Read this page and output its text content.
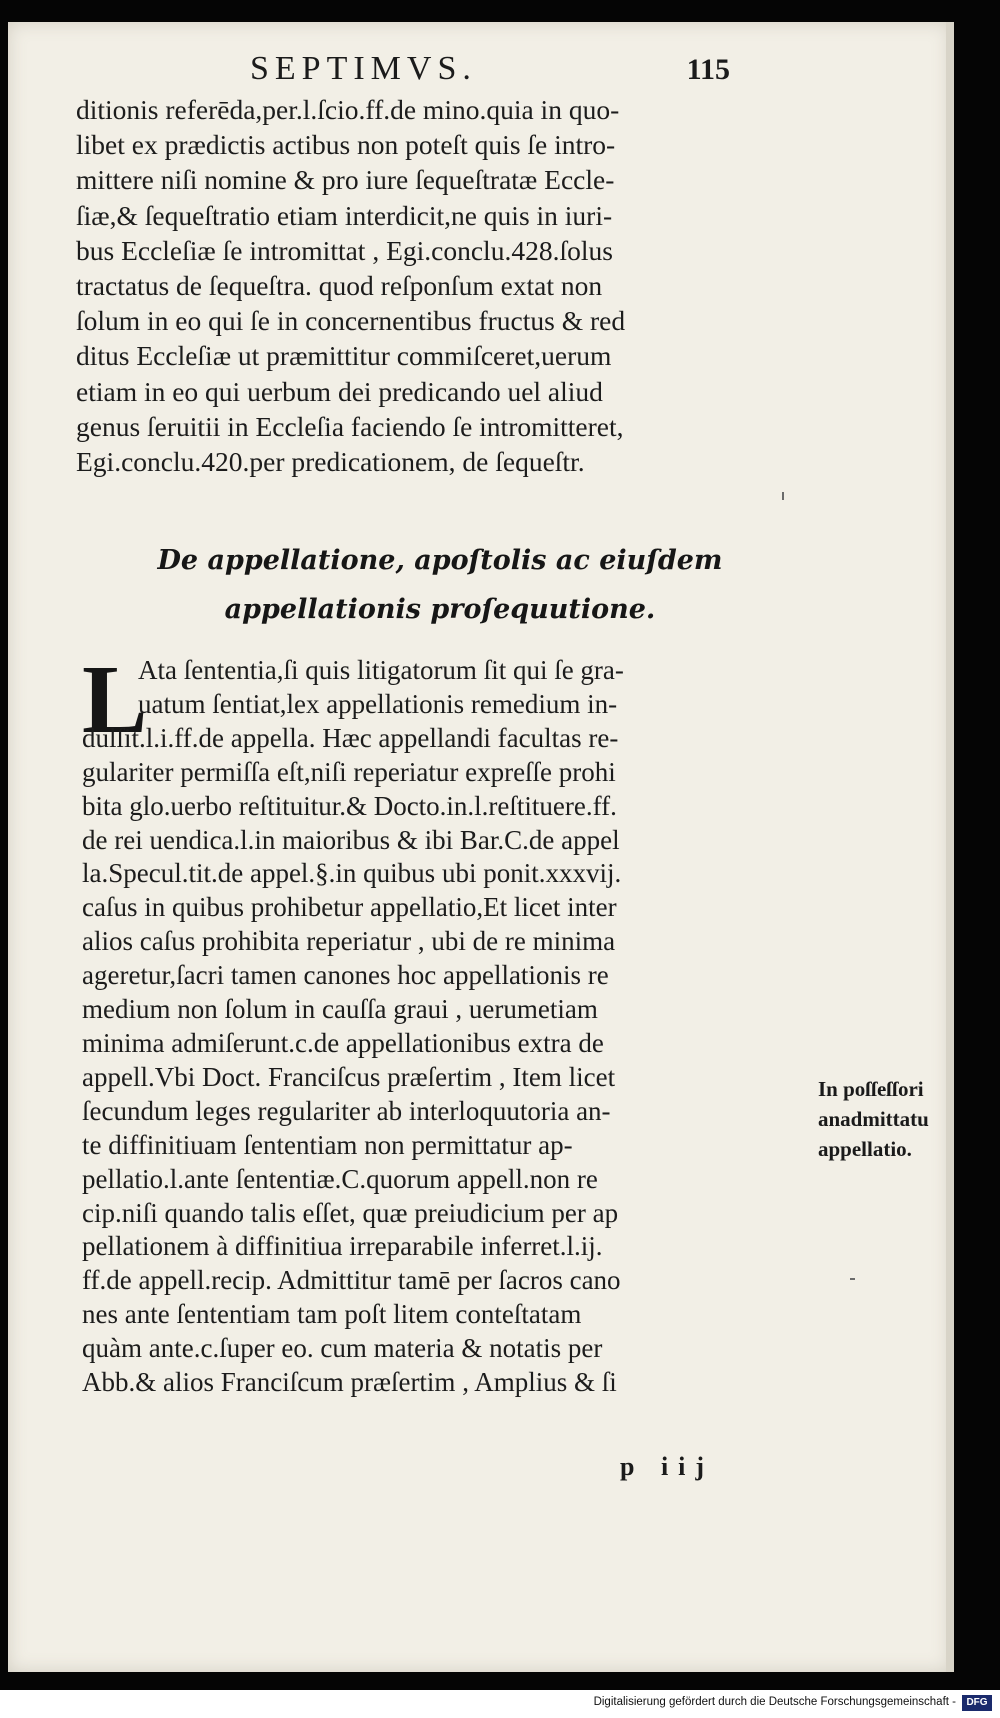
SEPTIMVS.	115
ditionis referēda,per.l.ſcio.ff.de mino.quia in quo-
libet ex prædictis actibus non poteſt quis ſe intro-
mittere niſi nomine & pro iure ſequeſtratæ Eccle-
ſiæ,& ſequeſtratio etiam interdicit,ne quis in iuri-
bus Eccleſiæ ſe intromittat , Egi.conclu.428.ſolus
tractatus de ſequeſtra. quod reſponſum extat non
ſolum in eo qui ſe in concernentibus fructus & red
ditus Eccleſiæ ut præmittitur commiſceret,uerum
etiam in eo qui uerbum dei predicando uel aliud
genus ſeruitii in Eccleſia faciendo ſe intromitteret,
Egi.conclu.420.per predicationem, de ſequeſtr.
De appellatione, apoſtolis ac eiuſdem
appellationis proſequutione.
L
Ata ſententia,ſi quis litigatorum ſit qui ſe gra-
uatum ſentiat,lex appellationis remedium in-
dulſit.l.i.ff.de appella. Hæc appellandi facultas re-
gulariter permiſſa eſt,niſi reperiatur expreſſe prohi
bita glo.uerbo reſtituitur.& Docto.in.l.reſtituere.ff.
de rei uendica.l.in maioribus & ibi Bar.C.de appel
la.Specul.tit.de appel.§.in quibus ubi ponit.xxxvij.
caſus in quibus prohibetur appellatio,Et licet inter
alios caſus prohibita reperiatur , ubi de re minima
ageretur,ſacri tamen canones hoc appellationis re
medium non ſolum in cauſſa graui , uerumetiam
minima admiſerunt.c.de appellationibus extra de
appell.Vbi Doct. Franciſcus præſertim , Item licet
ſecundum leges regulariter ab interloquutoria an-
te diffinitiuam ſententiam non permittatur ap-
pellatio.l.ante ſententiæ.C.quorum appell.non re
cip.niſi quando talis eſſet, quæ preiudicium per ap
pellationem à diffinitiua irreparabile inferret.l.ij.
ff.de appell.recip. Admittitur tamē per ſacros cano
nes ante ſententiam tam poſt litem conteſtatam
quàm ante.c.ſuper eo. cum materia & notatis per
Abb.& alios Franciſcum præſertim , Amplius & ſi
In poſſeſſori
anadmittatu
appellatio.
p iij
Digitalisierung gefördert durch die Deutsche Forschungsgemeinschaft -	DFG
